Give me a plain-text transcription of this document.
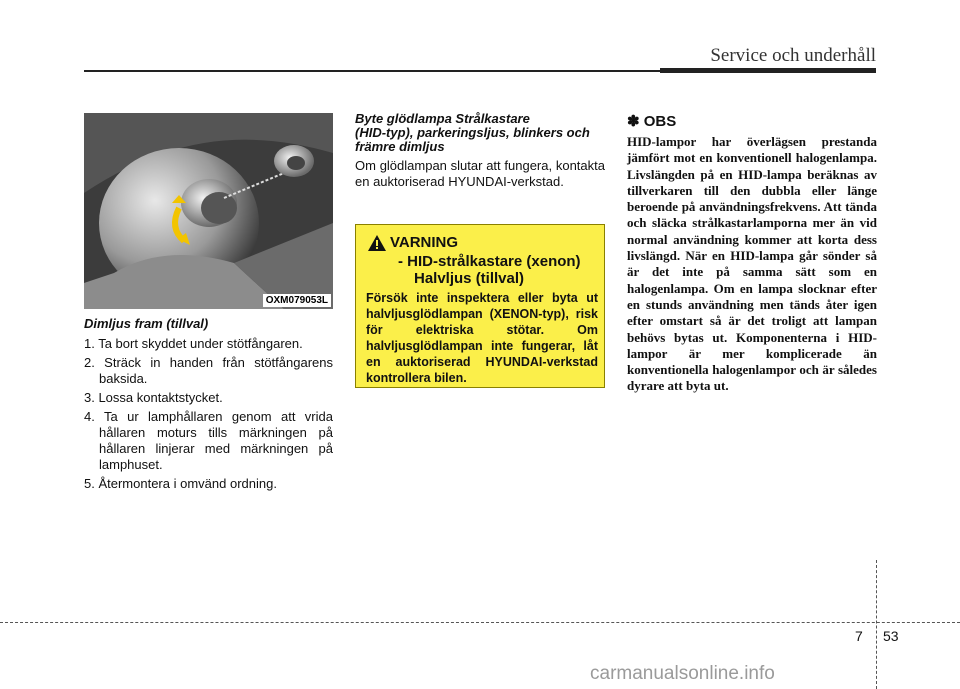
Service och underhåll
OXM079053L
Dimljus fram (tillval)
1. Ta bort skyddet under stötfångaren.
2. Sträck in handen från stötfångarens baksida.
3. Lossa kontaktstycket.
4. Ta ur lamphållaren genom att vrida hållaren moturs tills märkningen på hållaren linjerar med märkningen på lamphuset.
5. Återmontera i omvänd ordning.
Byte glödlampa Strålkastare
(HID-typ), parkeringsljus, blinkers och främre dimljus
Om glödlampan slutar att fungera, kontakta en auktoriserad HYUNDAI-verkstad.
VARNING
- HID-strålkastare (xenon)
Halvljus (tillval)
Försök inte inspektera eller byta ut halvljusglödlampan (XENON-typ), risk för elektriska stötar. Om halvljusglödlampan inte fungerar, låt en auktoriserad HYUNDAI-verkstad kontrollera bilen.
✽ OBS
HID-lampor har överlägsen prestanda jämfört mot en konventionell halogenlampa. Livslängden på en HID-lampa beräknas av tillverkaren till den dubbla eller länge beroende på användningsfrekvens. Att tända och släcka strålkastarlamporna mer än vid normal användning kommer att korta dess livslängd. När en HID-lampa går sönder så är det inte på samma sätt som en halogenlampa. Om en lampa slocknar efter en stunds användning men tänds åter igen efter omstart så är det troligt att lampan behövs bytas ut. Komponenterna i HID-lampor är mer komplicerade än konventionella halogenlampor och är således dyrare att byta ut.
7 53
carmanualsonline.info
